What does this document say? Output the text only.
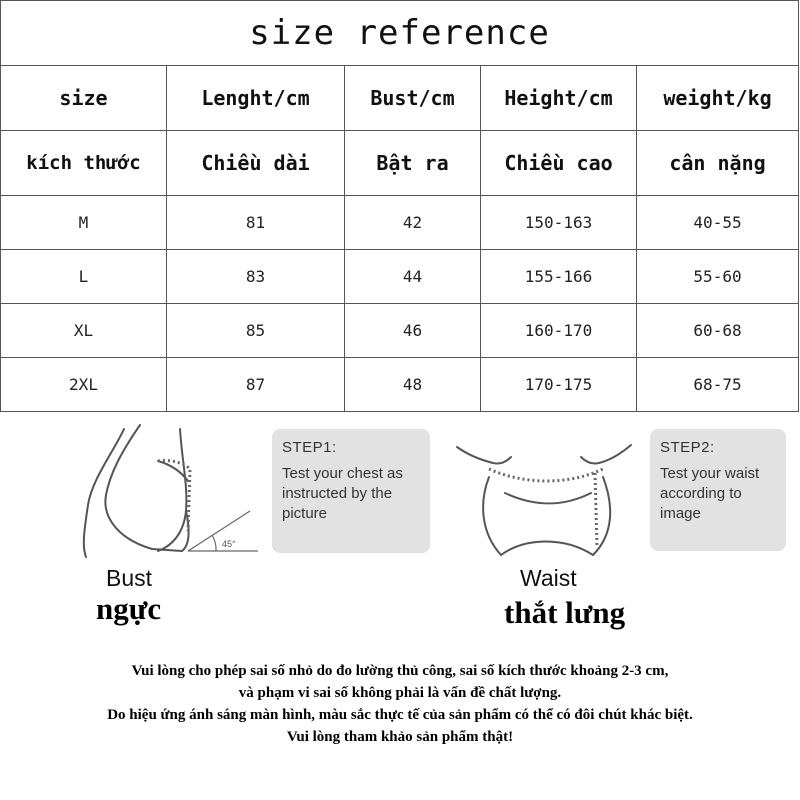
size reference				
size	Lenght/cm	Bust/cm	Height/cm	weight/kg
kích thước	Chiều dài	Bật ra	Chiều cao	cân nặng
M	81	42	150-163	40-55
L	83	44	155-166	55-60
XL	85	46	160-170	60-68
2XL	87	48	170-175	68-75
45°
STEP1:
Test your chest as instructed by the picture
STEP2:
Test your waist according to image
Bust
ngực
Waist
thắt lưng
Vui lòng cho phép sai số nhỏ do đo lường thủ công, sai số kích thước khoảng 2-3 cm,
và phạm vi sai số không phải là vấn đề chất lượng.
Do hiệu ứng ánh sáng màn hình, màu sắc thực tế của sản phẩm có thể có đôi chút khác biệt.
Vui lòng tham khảo sản phẩm thật!
